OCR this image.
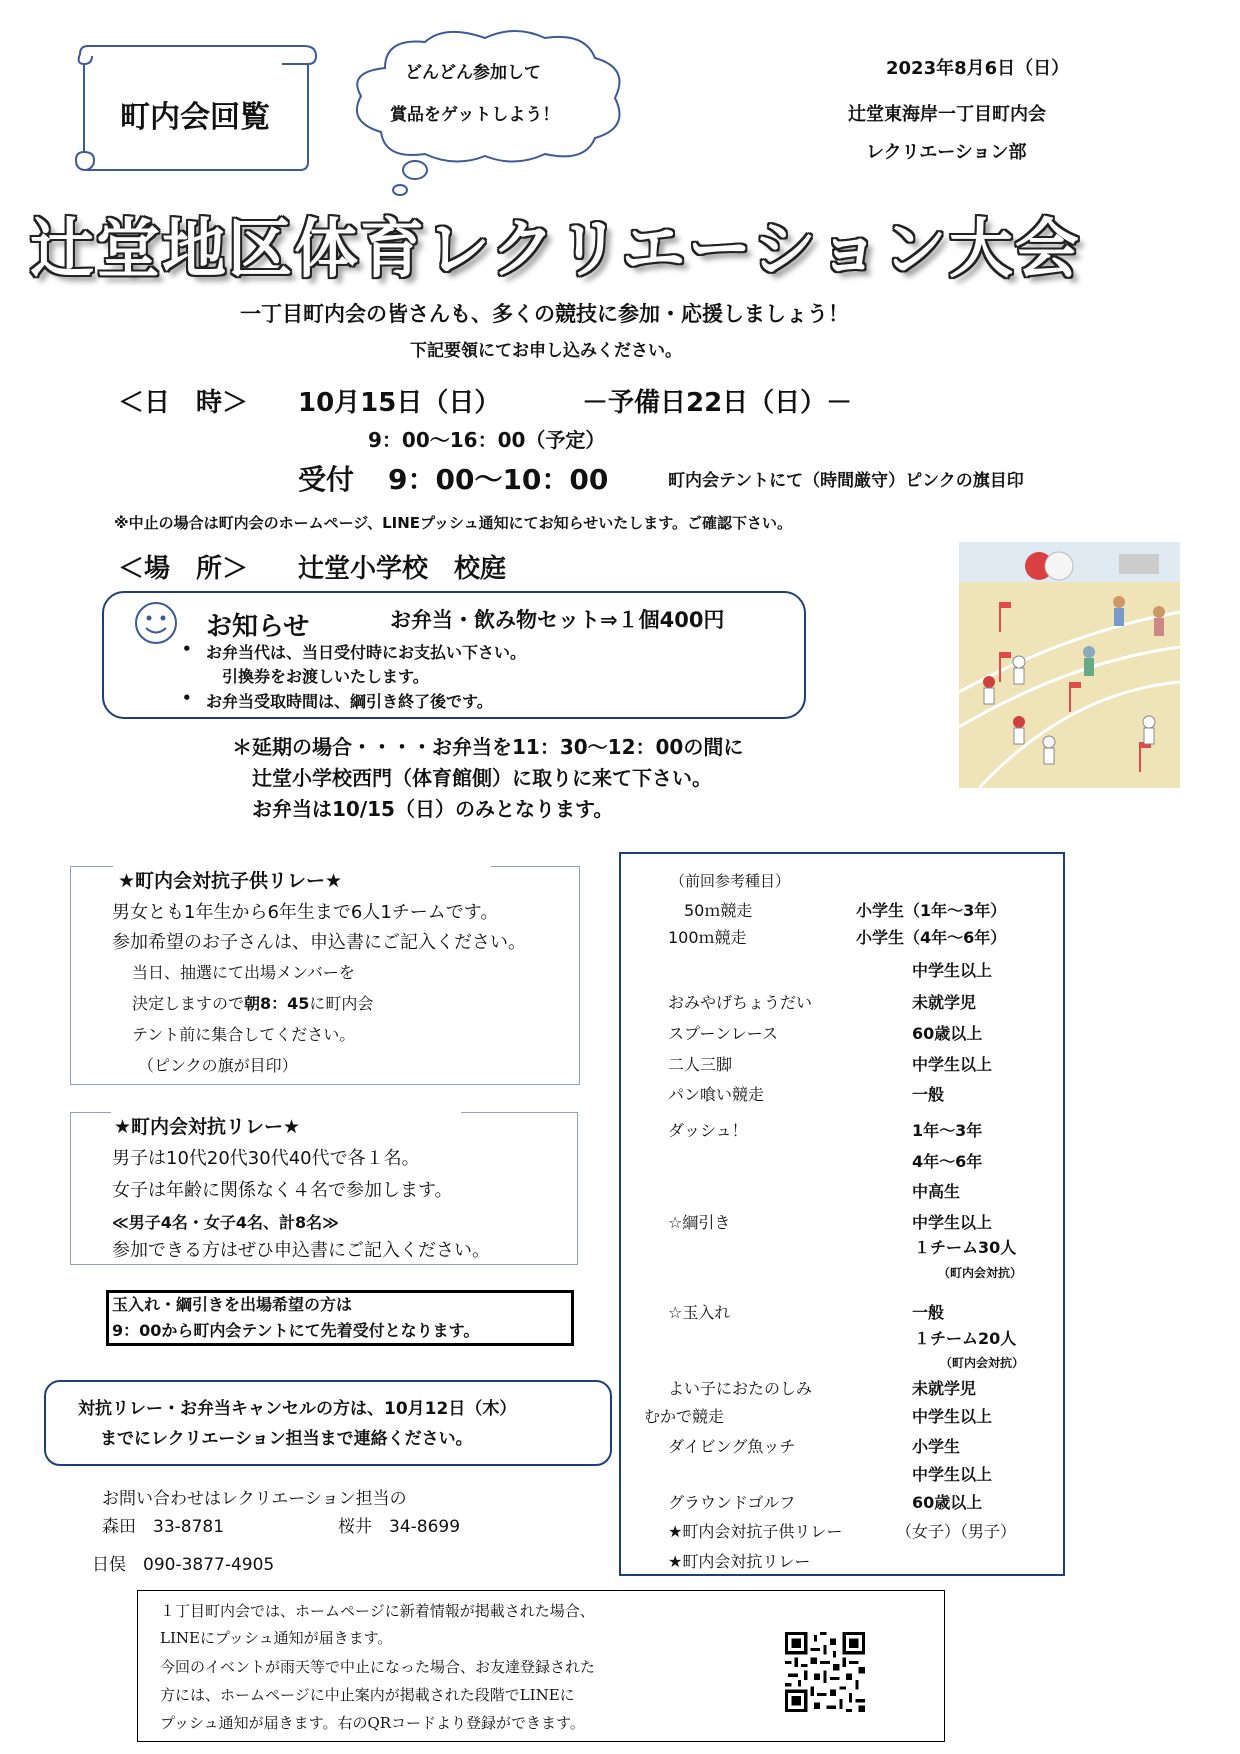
町内会回覧
どんどん参加して
賞品をゲットしよう！
2023年8月6日（日）
辻堂東海岸一丁目町内会
レクリエーション部
辻堂地区体育レクリエーション大会
一丁目町内会の皆さんも、多くの競技に参加・応援しましょう！
下記要領にてお申し込みください。
＜日　時＞ 10月15日（日）	－予備日22日（日）－
9：00～16：00（予定）
受付 9：00～10：00	町内会テントにて（時間厳守）ピンクの旗目印
※中止の場合は町内会のホームページ、LINEプッシュ通知にてお知らせいたします。ご確認下さい。
＜場　所＞ 辻堂小学校　校庭
お知らせ	お弁当・飲み物セット⇒１個400円
• お弁当代は、当日受付時にお支払い下さい。
引換券をお渡しいたします。
• お弁当受取時間は、綱引き終了後です。
＊延期の場合・・・・お弁当を11：30～12：00の間に
辻堂小学校西門（体育館側）に取りに来て下さい。
お弁当は10/15（日）のみとなります。
★町内会対抗子供リレー★
男女とも1年生から6年生まで6人1チームです。
参加希望のお子さんは、申込書にご記入ください。
当日、抽選にて出場メンバーを
決定しますので朝8：45に町内会
テント前に集合してください。
（ピンクの旗が目印）
★町内会対抗リレー★
男子は10代20代30代40代で各１名。
女子は年齢に関係なく４名で参加します。
≪男子4名・女子4名、計8名≫
参加できる方はぜひ申込書にご記入ください。
玉入れ・綱引きを出場希望の方は
9：00から町内会テントにて先着受付となります。
対抗リレー・お弁当キャンセルの方は、10月12日（木）
までにレクリエーション担当まで連絡ください。
お問い合わせはレクリエーション担当の
森田　33-8781	桜井　34-8699
日俣　090-3877-4905
（前回参考種目）
50ｍ競走	小学生（1年～3年）
100ｍ競走	小学生（4年～6年）
中学生以上
おみやげちょうだい	未就学児
スプーンレース	60歳以上
二人三脚	中学生以上
パン喰い競走	一般
ダッシュ！	1年～3年
4年～6年
中高生
☆綱引き	中学生以上
１チーム30人
（町内会対抗）
☆玉入れ	一般
１チーム20人
（町内会対抗）
よい子におたのしみ	未就学児
むかで競走	中学生以上
ダイビング魚ッチ	小学生
中学生以上
グラウンドゴルフ	60歳以上
★町内会対抗子供リレー	（女子）（男子）
★町内会対抗リレー
１丁目町内会では、ホームページに新着情報が掲載された場合、
LINEにプッシュ通知が届きます。
今回のイベントが雨天等で中止になった場合、お友達登録された
方には、ホームページに中止案内が掲載された段階でLINEに
プッシュ通知が届きます。右のQRコードより登録ができます。
